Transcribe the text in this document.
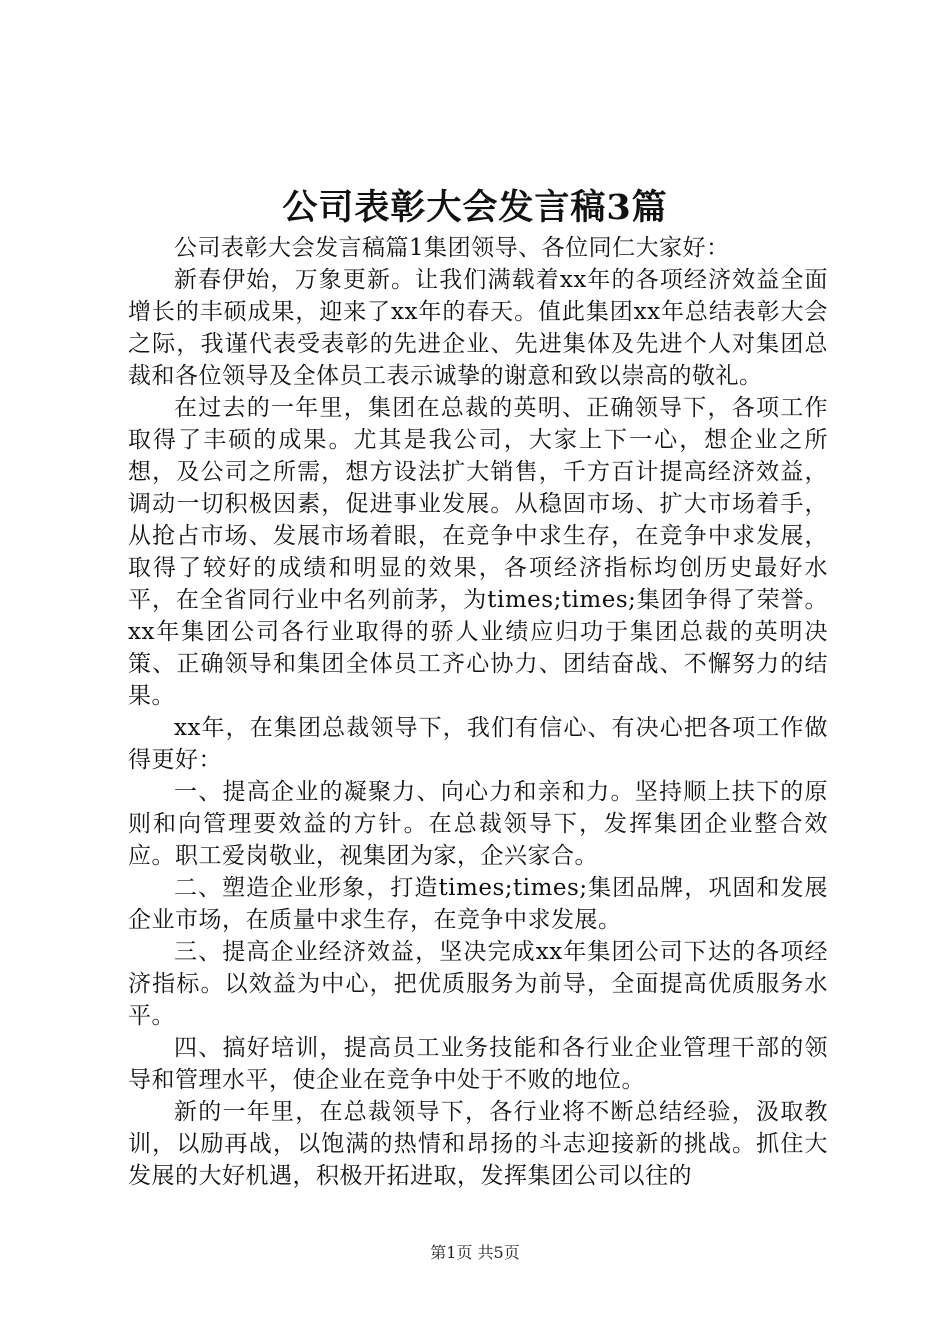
公司表彰大会发言稿3篇

公司表彰大会发言稿篇1集团领导、各位同仁大家好：

新春伊始，万象更新。让我们满载着xx年的各项经济效益全面增长的丰硕成果，迎来了xx年的春天。值此集团xx年总结表彰大会之际，我谨代表受表彰的先进企业、先进集体及先进个人对集团总裁和各位领导及全体员工表示诚挚的谢意和致以崇高的敬礼。

在过去的一年里，集团在总裁的英明、正确领导下，各项工作取得了丰硕的成果。尤其是我公司，大家上下一心，想企业之所想，及公司之所需，想方设法扩大销售，千方百计提高经济效益，调动一切积极因素，促进事业发展。从稳固市场、扩大市场着手，从抢占市场、发展市场着眼，在竞争中求生存，在竞争中求发展，取得了较好的成绩和明显的效果，各项经济指标均创历史最好水平，在全省同行业中名列前茅，为times;times;集团争得了荣誉。xx年集团公司各行业取得的骄人业绩应归功于集团总裁的英明决策、正确领导和集团全体员工齐心协力、团结奋战、不懈努力的结果。

xx年，在集团总裁领导下，我们有信心、有决心把各项工作做得更好：

一、提高企业的凝聚力、向心力和亲和力。坚持顺上扶下的原则和向管理要效益的方针。在总裁领导下，发挥集团企业整合效应。职工爱岗敬业，视集团为家，企兴家合。

二、塑造企业形象，打造times;times;集团品牌，巩固和发展企业市场，在质量中求生存，在竞争中求发展。

三、提高企业经济效益，坚决完成xx年集团公司下达的各项经济指标。以效益为中心，把优质服务为前导，全面提高优质服务水平。

四、搞好培训，提高员工业务技能和各行业企业管理干部的领导和管理水平，使企业在竞争中处于不败的地位。

新的一年里，在总裁领导下，各行业将不断总结经验，汲取教训，以励再战，以饱满的热情和昂扬的斗志迎接新的挑战。抓住大发展的大好机遇，积极开拓进取，发挥集团公司以往的

第1页 共5页
